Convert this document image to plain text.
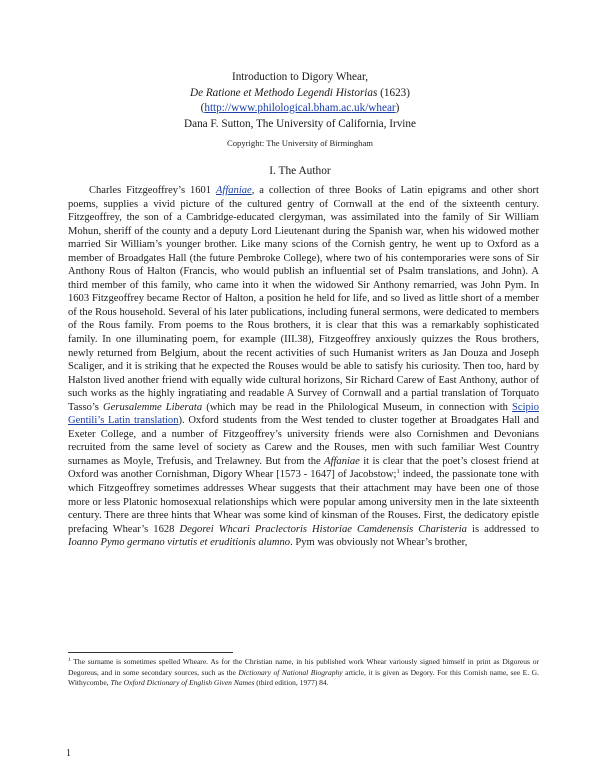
Introduction to Digory Whear,
De Ratione et Methodo Legendi Historias (1623)
(http://www.philological.bham.ac.uk/whear)
Dana F. Sutton, The University of California, Irvine
Copyright: The University of Birmingham
I. The Author

Charles Fitzgeoffrey’s 1601 Affaniae, a collection of three Books of Latin epigrams and other short poems, supplies a vivid picture of the cultured gentry of Cornwall at the end of the sixteenth century. Fitzgeoffrey, the son of a Cambridge-educated clergyman, was assimilated into the family of Sir William Mohun, sheriff of the county and a deputy Lord Lieutenant during the Spanish war, when his widowed mother married Sir William’s younger brother. Like many scions of the Cornish gentry, he went up to Oxford as a member of Broadgates Hall (the future Pembroke College), where two of his contemporaries were sons of Sir Anthony Rous of Halton (Francis, who would publish an influential set of Psalm translations, and John). A third member of this family, who came into it when the widowed Sir Anthony remarried, was John Pym. In 1603 Fitzgeoffrey became Rector of Halton, a position he held for life, and so lived as little short of a member of the Rous household. Several of his later publications, including funeral sermons, were dedicated to members of the Rous family. From poems to the Rous brothers, it is clear that this was a remarkably sophisticated family. In one illuminating poem, for example (III.38), Fitzgeoffrey anxiously quizzes the Rous brothers, newly returned from Belgium, about the recent activities of such Humanist writers as Jan Douza and Joseph Scaliger, and it is striking that he expected the Rouses would be able to satisfy his curiosity. Then too, hard by Halston lived another friend with equally wide cultural horizons, Sir Richard Carew of East Anthony, author of such works as the highly ingratiating and readable A Survey of Cornwall and a partial translation of Torquato Tasso’s Gerusalemme Liberata (which may be read in the Philological Museum, in connection with Scipio Gentili’s Latin translation). Oxford students from the West tended to cluster together at Broadgates Hall and Exeter College, and a number of Fitzgeoffrey’s university friends were also Cornishmen and Devonians recruited from the same level of society as Carew and the Rouses, men with such familiar West Country surnames as Moyle, Trefusis, and Trelawney. But from the Affaniae it is clear that the poet’s closest friend at Oxford was another Cornishman, Digory Whear [1573 - 1647] of Jacobstow;$^1$ indeed, the passionate tone with which Fitzgeoffrey sometimes addresses Whear suggests that their attachment may have been one of those more or less Platonic homosexual relationships which were popular among university men in the late sixteenth century. There are three hints that Whear was some kind of kinsman of the Rouses. First, the dedicatory epistle prefacing Whear’s 1628 Degorei Whcari Praclectoris Historiae Camdenensis Charisteria is addressed to Ioanno Pymo germano virtutis et eruditionis alumno. Pym was obviously not Whear’s brother,

$^1$ The surname is sometimes spelled Wheare. As for the Christian name, in his published work Whear variously signed himself in print as Digoreus or Degoreus, and in some secondary sources, such as the Dictionary of National Biography article, it is given as Degory. For this Cornish name, see E. G. Withycombe, The Oxford Dictionary of English Given Names (third edition, 1977) 84.
1
